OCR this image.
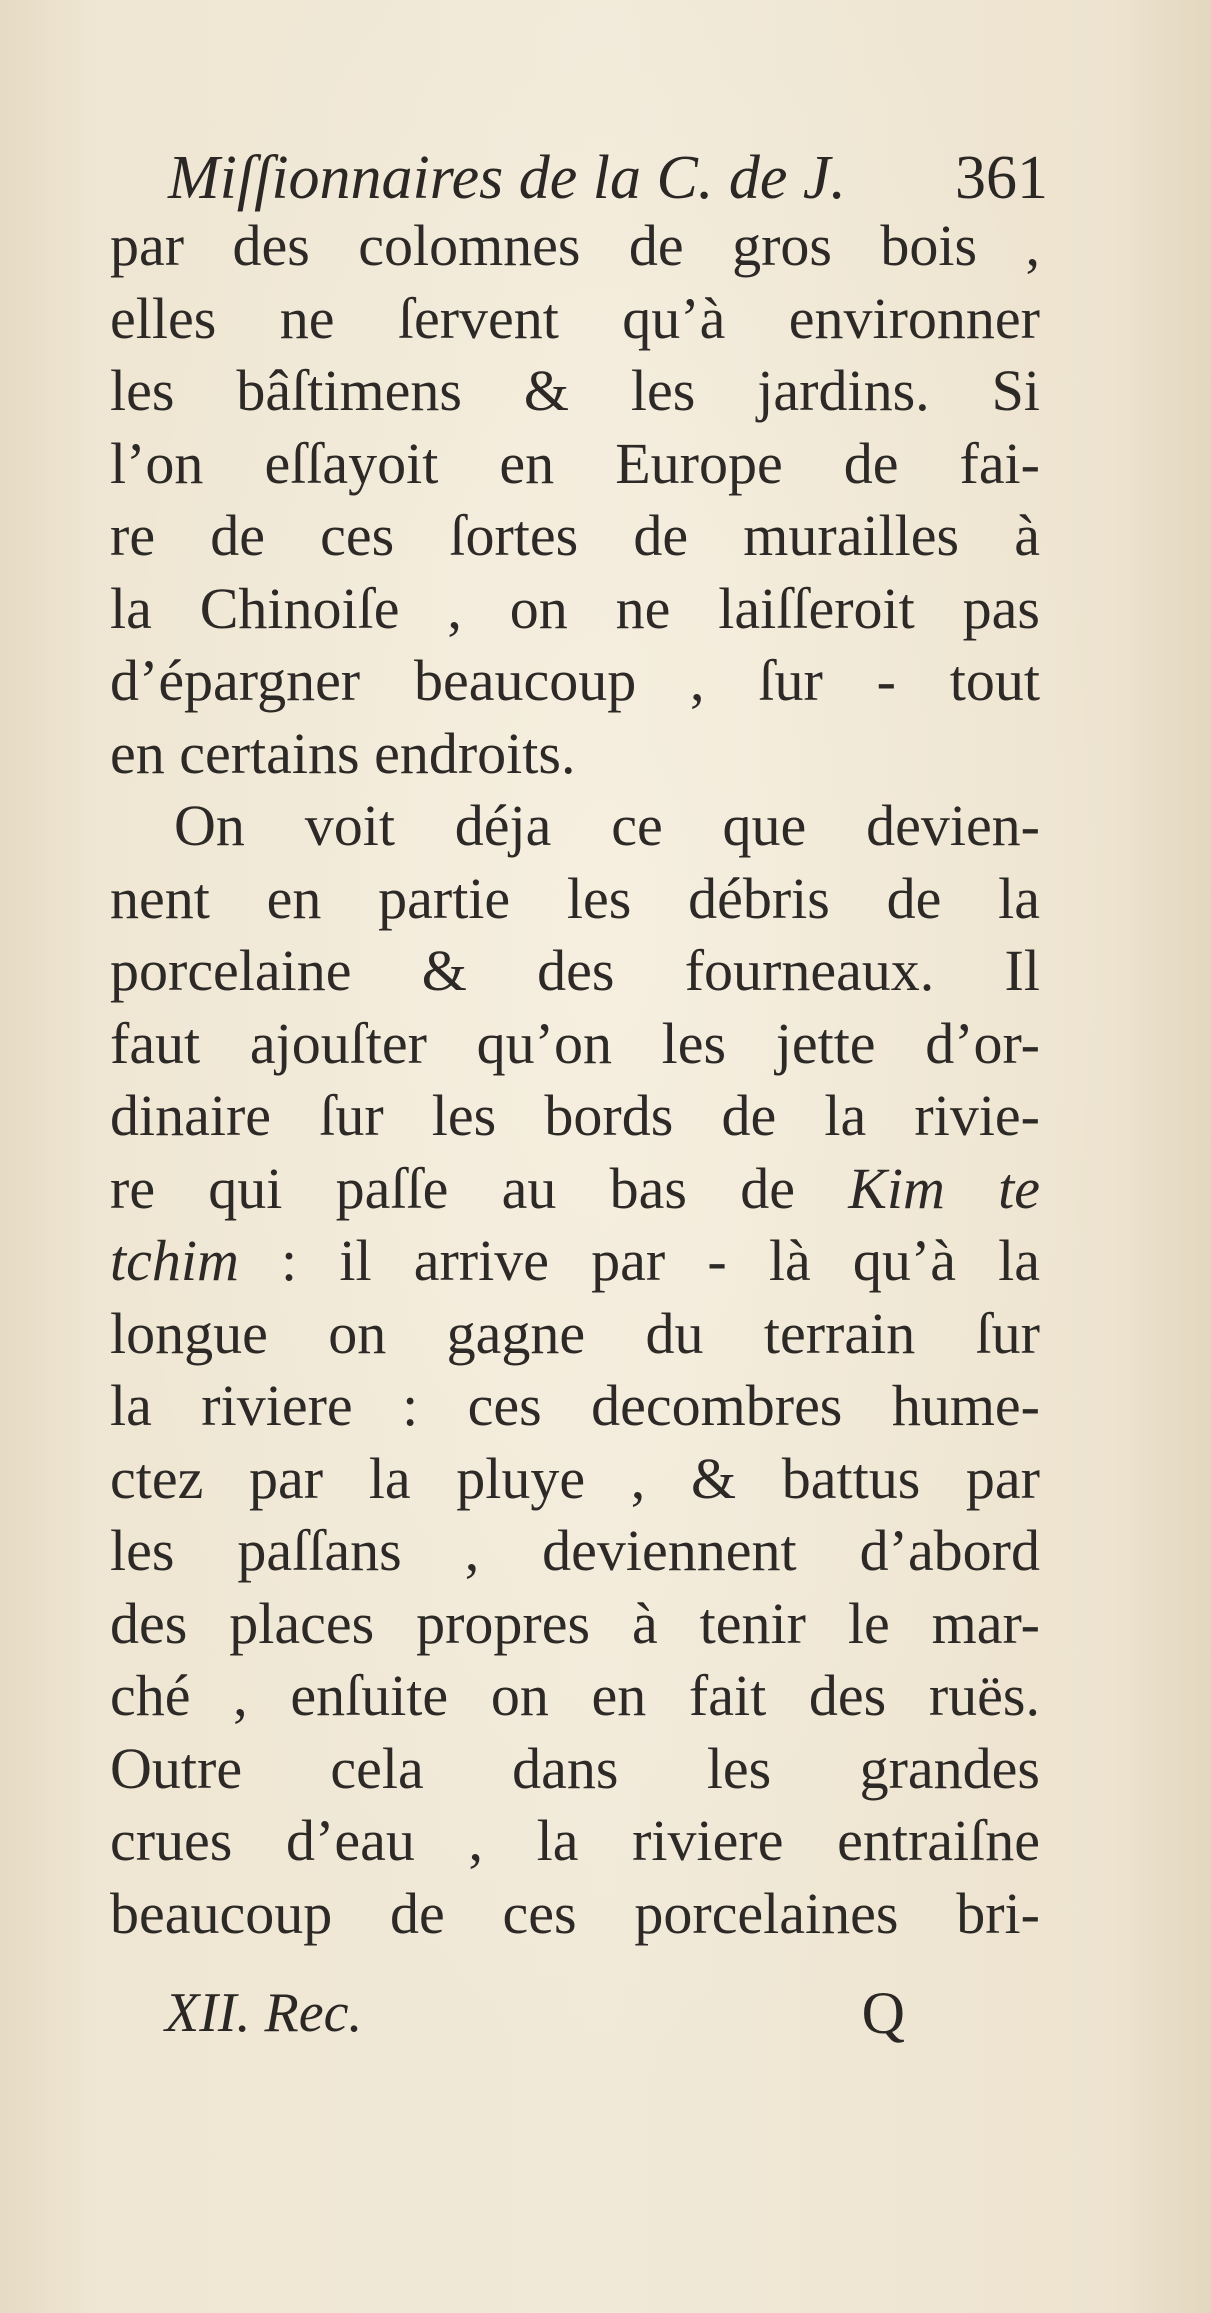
Miſſionnaires de la C. de J. 361
par des colomnes de gros bois ,
elles ne ſervent qu’à environner
les bâſtimens & les jardins. Si
l’on eſſayoit en Europe de fai-
re de ces ſortes de murailles à
la Chinoiſe , on ne laiſſeroit pas
d’épargner beaucoup , ſur - tout
en certains endroits.
On voit déja ce que devien-
nent en partie les débris de la
porcelaine & des fourneaux. Il
faut ajouſter qu’on les jette d’or-
dinaire ſur les bords de la rivie-
re qui paſſe au bas de Kim te
tchim : il arrive par - là qu’à la
longue on gagne du terrain ſur
la riviere : ces decombres hume-
ctez par la pluye , & battus par
les paſſans , deviennent d’abord
des places propres à tenir le mar-
ché , enſuite on en fait des ruës.
Outre cela dans les grandes
crues d’eau , la riviere entraiſne
beaucoup de ces porcelaines bri-
XII. Rec.	Q
